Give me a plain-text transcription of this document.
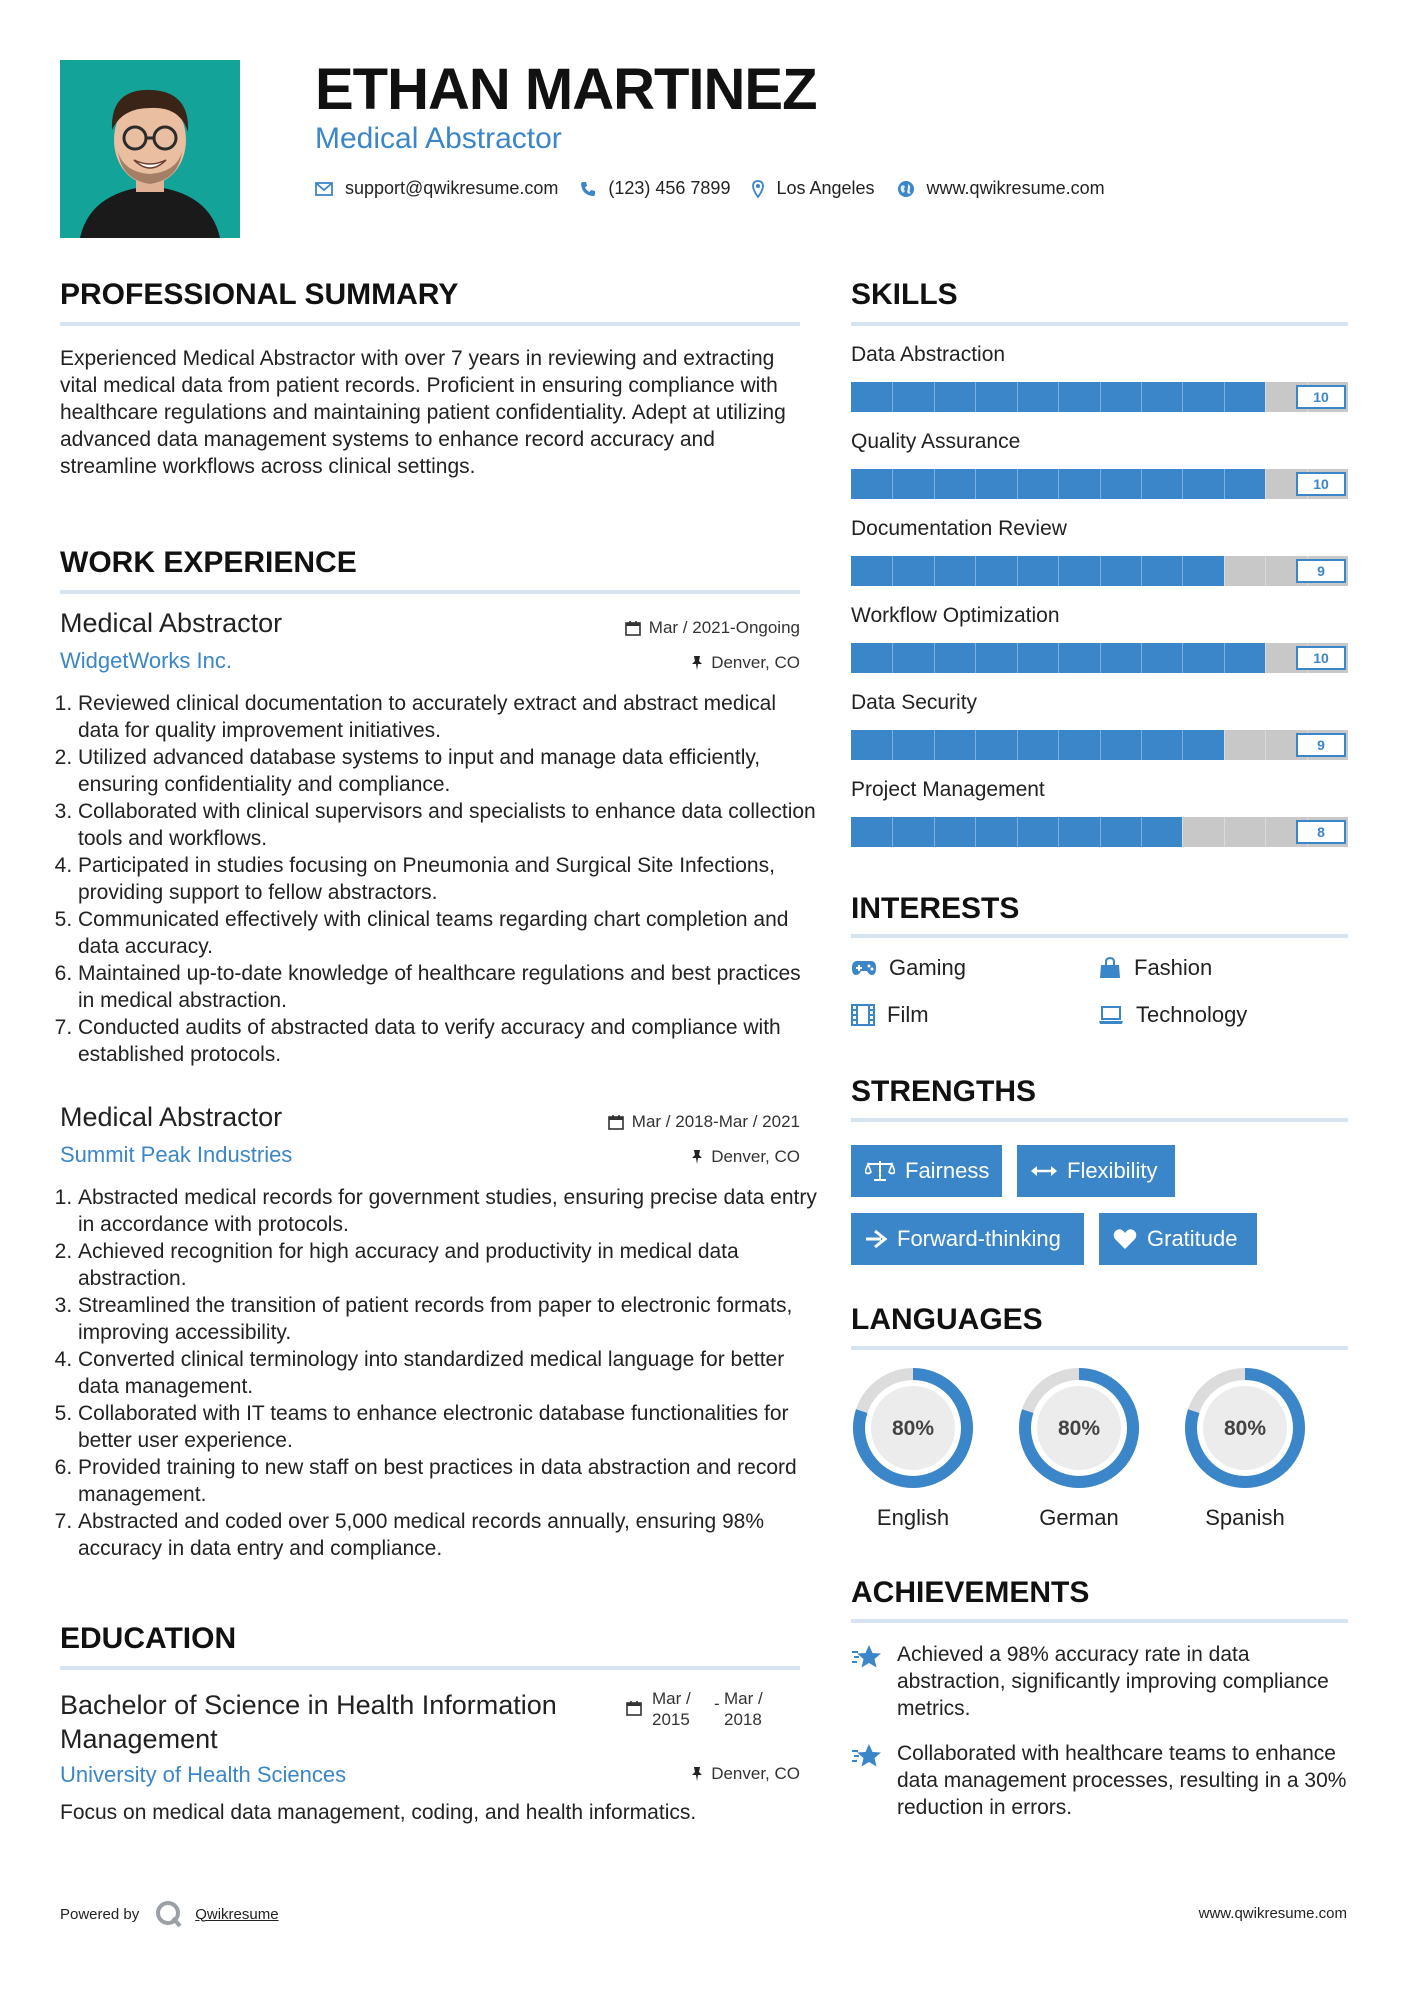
ETHAN MARTINEZ
Medical Abstractor
support@qwikresume.com	(123) 456 7899	Los Angeles	www.qwikresume.com
PROFESSIONAL SUMMARY
Experienced Medical Abstractor with over 7 years in reviewing and extracting vital medical data from patient records. Proficient in ensuring compliance with healthcare regulations and maintaining patient confidentiality. Adept at utilizing advanced data management systems to enhance record accuracy and streamline workflows across clinical settings.
WORK EXPERIENCE
Medical Abstractor	Mar / 2021-Ongoing
WidgetWorks Inc.	Denver, CO
1. Reviewed clinical documentation to accurately extract and abstract medical data for quality improvement initiatives.
2. Utilized advanced database systems to input and manage data efficiently, ensuring confidentiality and compliance.
3. Collaborated with clinical supervisors and specialists to enhance data collection tools and workflows.
4. Participated in studies focusing on Pneumonia and Surgical Site Infections, providing support to fellow abstractors.
5. Communicated effectively with clinical teams regarding chart completion and data accuracy.
6. Maintained up-to-date knowledge of healthcare regulations and best practices in medical abstraction.
7. Conducted audits of abstracted data to verify accuracy and compliance with established protocols.
Medical Abstractor	Mar / 2018-Mar / 2021
Summit Peak Industries	Denver, CO
1. Abstracted medical records for government studies, ensuring precise data entry in accordance with protocols.
2. Achieved recognition for high accuracy and productivity in medical data abstraction.
3. Streamlined the transition of patient records from paper to electronic formats, improving accessibility.
4. Converted clinical terminology into standardized medical language for better data management.
5. Collaborated with IT teams to enhance electronic database functionalities for better user experience.
6. Provided training to new staff on best practices in data abstraction and record management.
7. Abstracted and coded over 5,000 medical records annually, ensuring 98% accuracy in data entry and compliance.
EDUCATION
Bachelor of Science in Health Information Management
Mar / 2015
- Mar / 2018
University of Health Sciences	Denver, CO
Focus on medical data management, coding, and health informatics.
SKILLS
Data Abstraction
10
Quality Assurance
10
Documentation Review
9
Workflow Optimization
10
Data Security
9
Project Management
8
INTERESTS
Gaming	Fashion
Film	Technology
STRENGTHS
Fairness	Flexibility
Forward-thinking	Gratitude
LANGUAGES
80%
English
80%
German
80%
Spanish
ACHIEVEMENTS
Achieved a 98% accuracy rate in data abstraction, significantly improving compliance metrics.
Collaborated with healthcare teams to enhance data management processes, resulting in a 30% reduction in errors.
Powered by	Qwikresume	www.qwikresume.com
